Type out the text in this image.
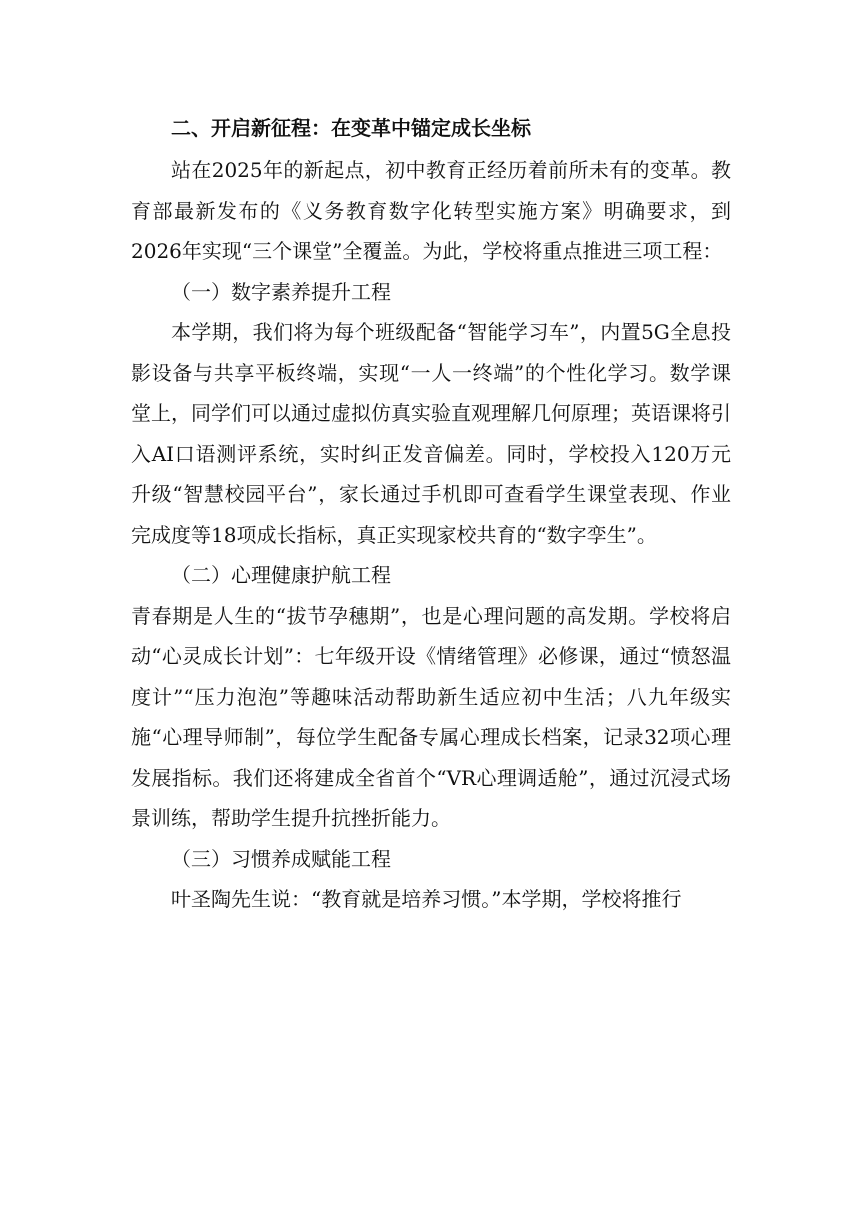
二、开启新征程：在变革中锚定成长坐标

站在2025年的新起点，初中教育正经历着前所未有的变革。教育部最新发布的《义务教育数字化转型实施方案》明确要求，到2026年实现“三个课堂”全覆盖。为此，学校将重点推进三项工程：

（一）数字素养提升工程

本学期，我们将为每个班级配备“智能学习车”，内置5G全息投影设备与共享平板终端，实现“一人一终端”的个性化学习。数学课堂上，同学们可以通过虚拟仿真实验直观理解几何原理；英语课将引入AI口语测评系统，实时纠正发音偏差。同时，学校投入120万元升级“智慧校园平台”，家长通过手机即可查看学生课堂表现、作业完成度等18项成长指标，真正实现家校共育的“数字孪生”。

（二）心理健康护航工程

青春期是人生的“拔节孕穗期”，也是心理问题的高发期。学校将启动“心灵成长计划”：七年级开设《情绪管理》必修课，通过“愤怒温度计”“压力泡泡”等趣味活动帮助新生适应初中生活；八九年级实施“心理导师制”，每位学生配备专属心理成长档案，记录32项心理发展指标。我们还将建成全省首个“VR心理调适舱”，通过沉浸式场景训练，帮助学生提升抗挫折能力。

（三）习惯养成赋能工程

叶圣陶先生说：“教育就是培养习惯。”本学期，学校将推行
